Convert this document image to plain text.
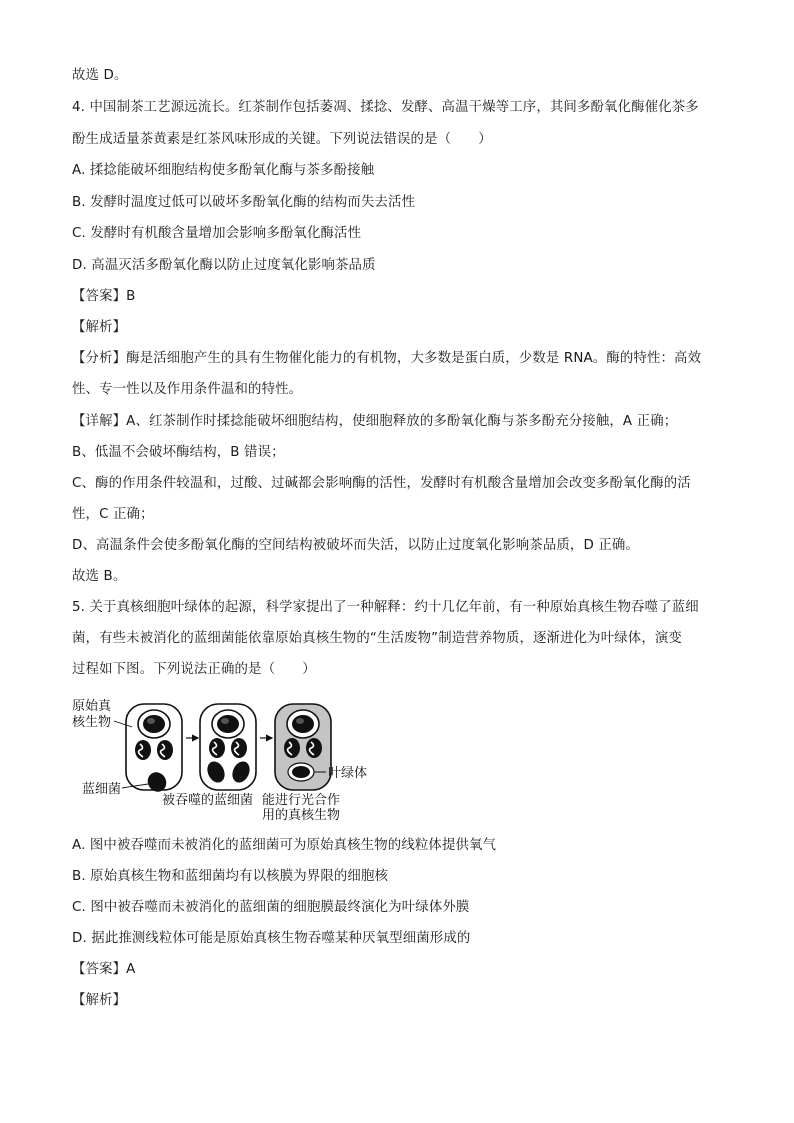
故选 D。
4. 中国制茶工艺源远流长。红茶制作包括萎凋、揉捻、发酵、高温干燥等工序，其间多酚氧化酶催化茶多
酚生成适量茶黄素是红茶风味形成的关键。下列说法错误的是（　　）
A. 揉捻能破坏细胞结构使多酚氧化酶与茶多酚接触
B. 发酵时温度过低可以破坏多酚氧化酶的结构而失去活性
C. 发酵时有机酸含量增加会影响多酚氧化酶活性
D. 高温灭活多酚氧化酶以防止过度氧化影响茶品质
【答案】B
【解析】
【分析】酶是活细胞产生的具有生物催化能力的有机物，大多数是蛋白质，少数是 RNA。酶的特性：高效
性、专一性以及作用条件温和的特性。
【详解】A、红茶制作时揉捻能破坏细胞结构，使细胞释放的多酚氧化酶与茶多酚充分接触，A 正确；
B、低温不会破坏酶结构，B 错误；
C、酶的作用条件较温和，过酸、过碱都会影响酶的活性，发酵时有机酸含量增加会改变多酚氧化酶的活
性，C 正确；
D、高温条件会使多酚氧化酶的空间结构被破坏而失活，以防止过度氧化影响茶品质，D 正确。
故选 B。
5. 关于真核细胞叶绿体的起源，科学家提出了一种解释：约十几亿年前，有一种原始真核生物吞噬了蓝细
菌，有些未被消化的蓝细菌能依靠原始真核生物的“生活废物”制造营养物质，逐渐进化为叶绿体，演变
过程如下图。下列说法正确的是（　　）
原始真
核生物
蓝细菌
被吞噬的蓝细菌
叶绿体
能进行光合作
用的真核生物
A. 图中被吞噬而未被消化的蓝细菌可为原始真核生物的线粒体提供氧气
B. 原始真核生物和蓝细菌均有以核膜为界限的细胞核
C. 图中被吞噬而未被消化的蓝细菌的细胞膜最终演化为叶绿体外膜
D. 据此推测线粒体可能是原始真核生物吞噬某种厌氧型细菌形成的
【答案】A
【解析】
